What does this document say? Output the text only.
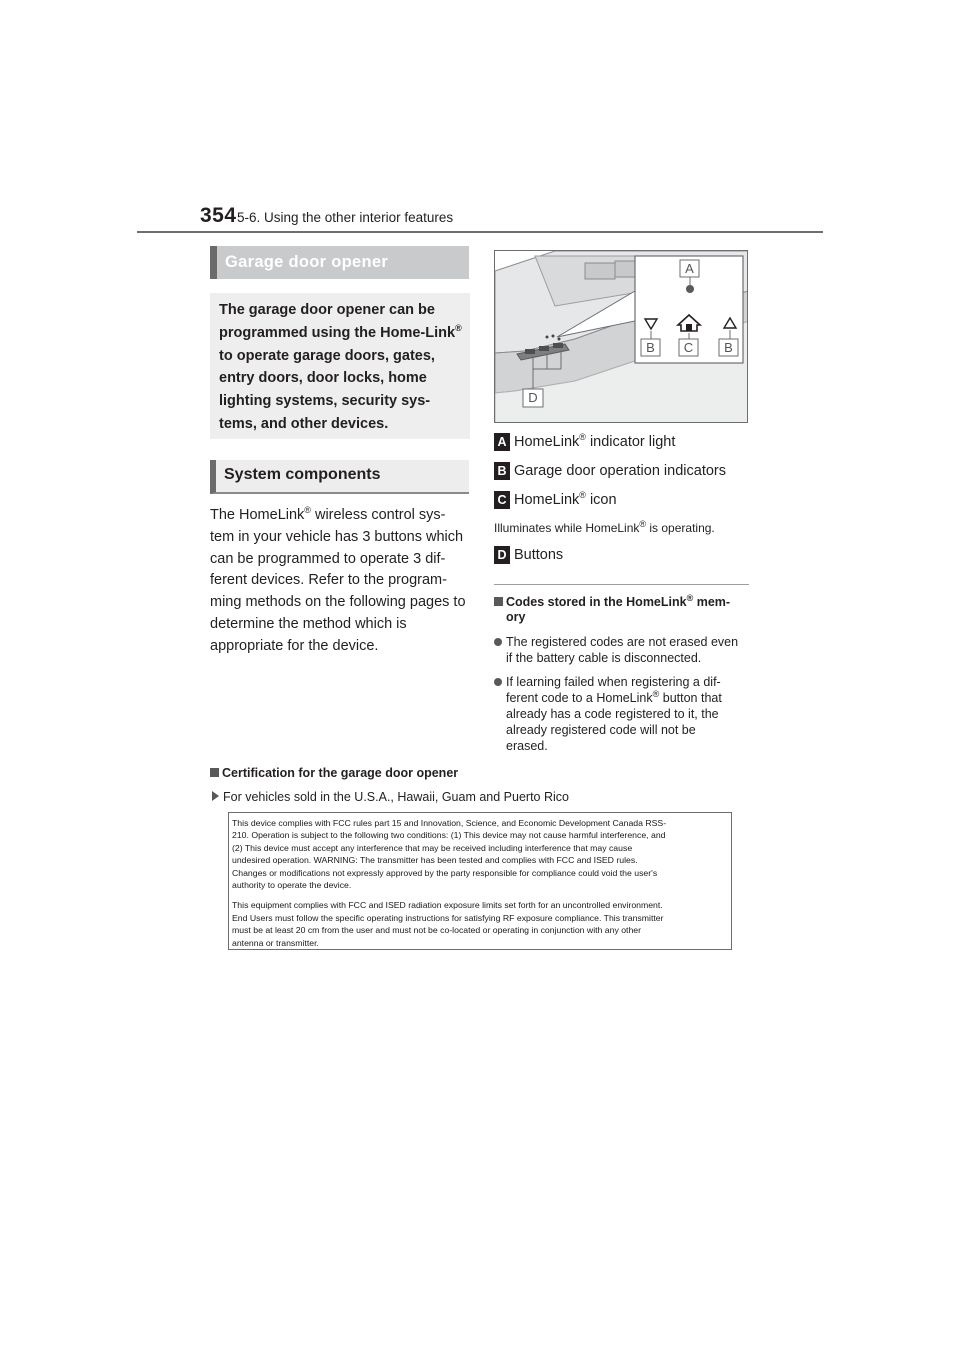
354 5-6. Using the other interior features
Garage door opener
The garage door opener can be programmed using the Home-Link® to operate garage doors, gates, entry doors, door locks, home lighting systems, security sys-tems, and other devices.
System components
The HomeLink® wireless control sys-tem in your vehicle has 3 buttons which can be programmed to operate 3 dif-ferent devices. Refer to the program-ming methods on the following pages to determine the method which is appropriate for the device.
A
B	C	B
D
A HomeLink® indicator light
B Garage door operation indicators
C HomeLink® icon
Illuminates while HomeLink® is operating.
D Buttons
Codes stored in the HomeLink® mem-
ory
The registered codes are not erased even
if the battery cable is disconnected.
If learning failed when registering a dif-
ferent code to a HomeLink® button that
already has a code registered to it, the
already registered code will not be
erased.
Certification for the garage door opener
For vehicles sold in the U.S.A., Hawaii, Guam and Puerto Rico

This device complies with FCC rules part 15 and Innovation, Science, and Economic Development Canada RSS-
210. Operation is subject to the following two conditions: (1) This device may not cause harmful interference, and
(2) This device must accept any interference that may be received including interference that may cause
undesired operation. WARNING: The transmitter has been tested and complies with FCC and ISED rules.
Changes or modifications not expressly approved by the party responsible for compliance could void the user's
authority to operate the device.

This equipment complies with FCC and ISED radiation exposure limits set forth for an uncontrolled environment.
End Users must follow the specific operating instructions for satisfying RF exposure compliance. This transmitter
must be at least 20 cm from the user and must not be co-located or operating in conjunction with any other
antenna or transmitter.
